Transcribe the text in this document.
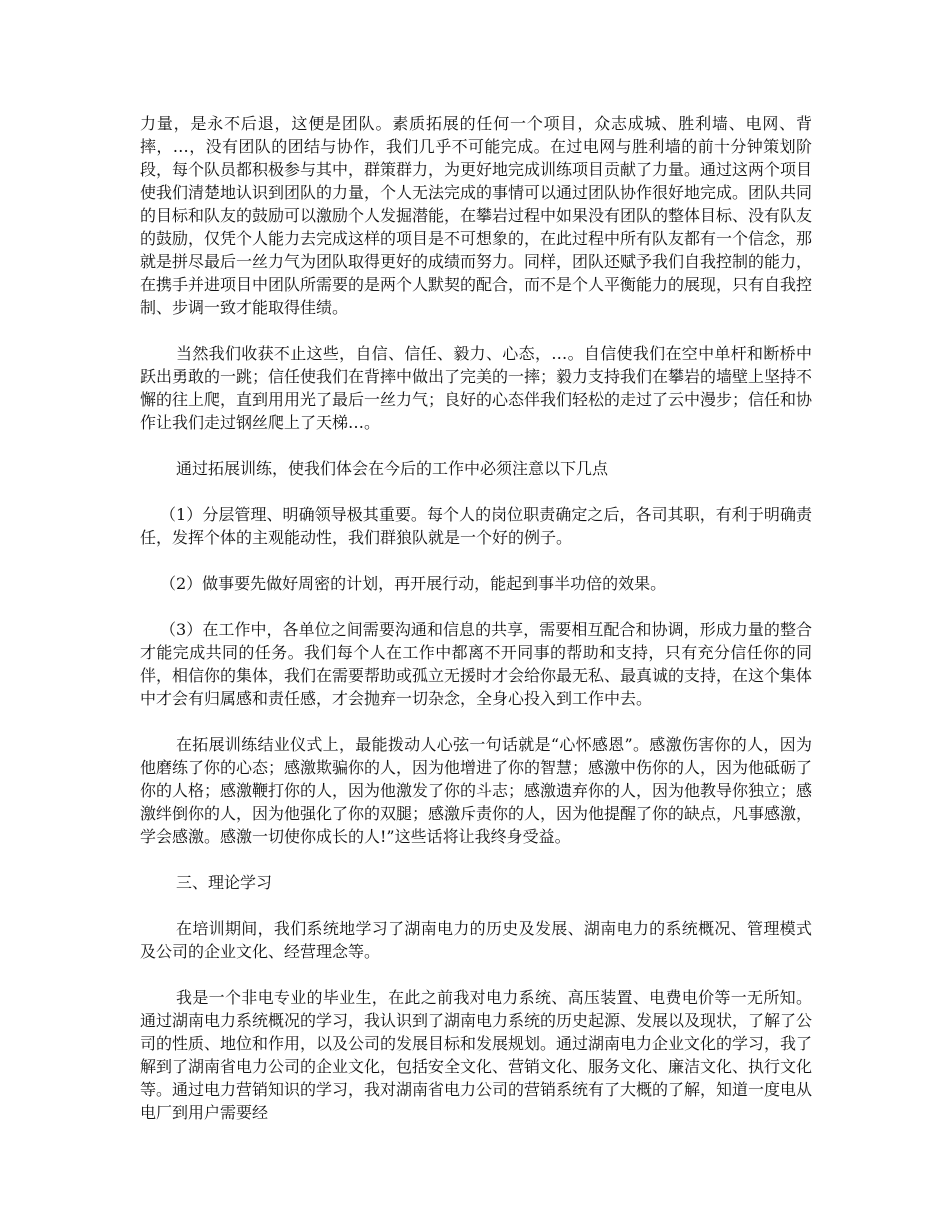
力量，是永不后退，这便是团队。素质拓展的任何一个项目，众志成城、胜利墙、电网、背摔，…，没有团队的团结与协作，我们几乎不可能完成。在过电网与胜利墙的前十分钟策划阶段，每个队员都积极参与其中，群策群力，为更好地完成训练项目贡献了力量。通过这两个项目使我们清楚地认识到团队的力量，个人无法完成的事情可以通过团队协作很好地完成。团队共同的目标和队友的鼓励可以激励个人发掘潜能，在攀岩过程中如果没有团队的整体目标、没有队友的鼓励，仅凭个人能力去完成这样的项目是不可想象的，在此过程中所有队友都有一个信念，那就是拼尽最后一丝力气为团队取得更好的成绩而努力。同样，团队还赋予我们自我控制的能力，在携手并进项目中团队所需要的是两个人默契的配合，而不是个人平衡能力的展现，只有自我控制、步调一致才能取得佳绩。

当然我们收获不止这些，自信、信任、毅力、心态，…。自信使我们在空中单杆和断桥中跃出勇敢的一跳；信任使我们在背摔中做出了完美的一摔；毅力支持我们在攀岩的墙壁上坚持不懈的往上爬，直到用用光了最后一丝力气；良好的心态伴我们轻松的走过了云中漫步；信任和协作让我们走过钢丝爬上了天梯…。

通过拓展训练，使我们体会在今后的工作中必须注意以下几点

（1）分层管理、明确领导极其重要。每个人的岗位职责确定之后，各司其职，有利于明确责任，发挥个体的主观能动性，我们群狼队就是一个好的例子。

（2）做事要先做好周密的计划，再开展行动，能起到事半功倍的效果。

（3）在工作中，各单位之间需要沟通和信息的共享，需要相互配合和协调，形成力量的整合才能完成共同的任务。我们每个人在工作中都离不开同事的帮助和支持，只有充分信任你的同伴，相信你的集体，我们在需要帮助或孤立无援时才会给你最无私、最真诚的支持，在这个集体中才会有归属感和责任感，才会抛弃一切杂念，全身心投入到工作中去。

在拓展训练结业仪式上，最能拨动人心弦一句话就是“心怀感恩”。感激伤害你的人，因为他磨练了你的心态；感激欺骗你的人，因为他增进了你的智慧；感激中伤你的人，因为他砥砺了你的人格；感激鞭打你的人，因为他激发了你的斗志；感激遗弃你的人，因为他教导你独立；感激绊倒你的人，因为他强化了你的双腿；感激斥责你的人，因为他提醒了你的缺点，凡事感激，学会感激。感激一切使你成长的人!”这些话将让我终身受益。

三、理论学习

在培训期间，我们系统地学习了湖南电力的历史及发展、湖南电力的系统概况、管理模式及公司的企业文化、经营理念等。

我是一个非电专业的毕业生，在此之前我对电力系统、高压装置、电费电价等一无所知。通过湖南电力系统概况的学习，我认识到了湖南电力系统的历史起源、发展以及现状，了解了公司的性质、地位和作用，以及公司的发展目标和发展规划。通过湖南电力企业文化的学习，我了解到了湖南省电力公司的企业文化，包括安全文化、营销文化、服务文化、廉洁文化、执行文化等。通过电力营销知识的学习，我对湖南省电力公司的营销系统有了大概的了解，知道一度电从电厂到用户需要经
